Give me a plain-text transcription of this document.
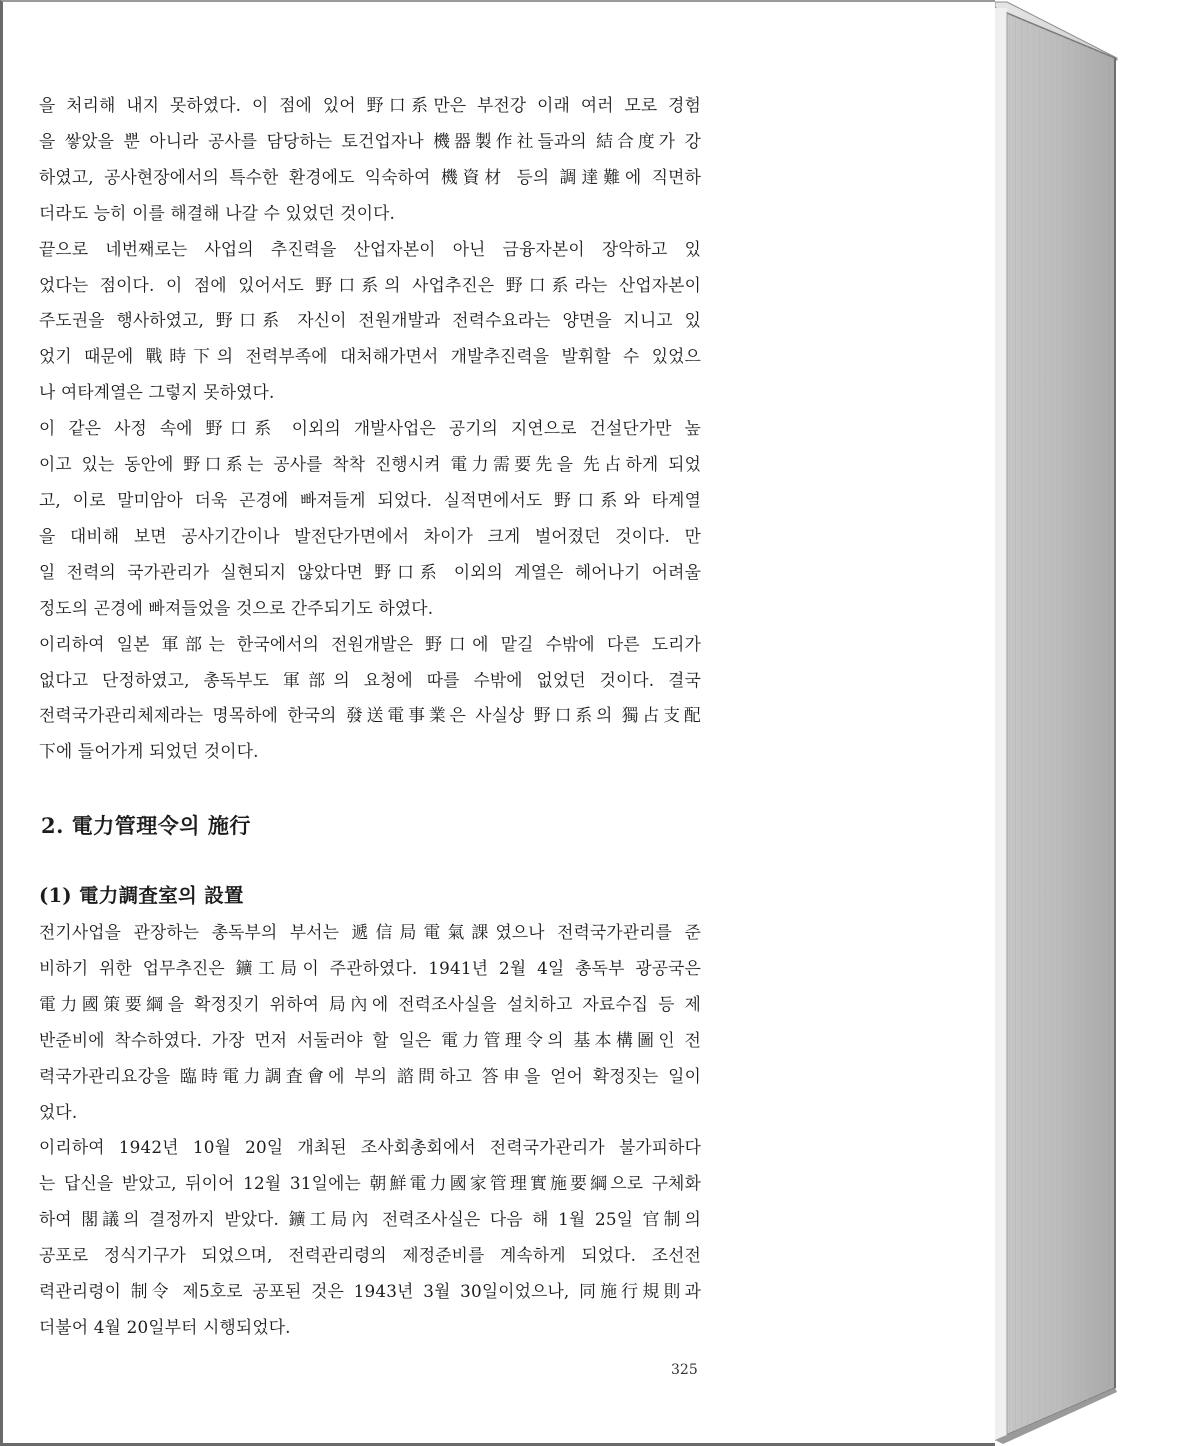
을 처리해 내지 못하였다. 이 점에 있어 野口系만은 부전강 이래 여러 모로 경험
을 쌓았을 뿐 아니라 공사를 담당하는 토건업자나 機器製作社들과의 結合度가 강
하였고, 공사현장에서의 특수한 환경에도 익숙하여 機資材 등의 調達難에 직면하
더라도 능히 이를 해결해 나갈 수 있었던 것이다.
끝으로 네번째로는 사업의 추진력을 산업자본이 아닌 금융자본이 장악하고 있
었다는 점이다. 이 점에 있어서도 野口系의 사업추진은 野口系라는 산업자본이
주도권을 행사하였고, 野口系 자신이 전원개발과 전력수요라는 양면을 지니고 있
었기 때문에 戰時下의 전력부족에 대처해가면서 개발추진력을 발휘할 수 있었으
나 여타계열은 그렇지 못하였다.
이 같은 사정 속에 野口系 이외의 개발사업은 공기의 지연으로 건설단가만 높
이고 있는 동안에 野口系는 공사를 착착 진행시켜 電力需要先을 先占하게 되었
고, 이로 말미암아 더욱 곤경에 빠져들게 되었다. 실적면에서도 野口系와 타계열
을 대비해 보면 공사기간이나 발전단가면에서 차이가 크게 벌어졌던 것이다. 만
일 전력의 국가관리가 실현되지 않았다면 野口系 이외의 계열은 헤어나기 어려울
정도의 곤경에 빠져들었을 것으로 간주되기도 하였다.
이리하여 일본 軍部는 한국에서의 전원개발은 野口에 맡길 수밖에 다른 도리가
없다고 단정하였고, 총독부도 軍部의 요청에 따를 수밖에 없었던 것이다. 결국
전력국가관리체제라는 명목하에 한국의 發送電事業은 사실상 野口系의 獨占支配
下에 들어가게 되었던 것이다.
2. 電力管理令의 施行
(1) 電力調査室의 設置
전기사업을 관장하는 총독부의 부서는 遞信局電氣課였으나 전력국가관리를 준
비하기 위한 업무추진은 鑛工局이 주관하였다. 1941년 2월 4일 총독부 광공국은
電力國策要綱을 확정짓기 위하여 局內에 전력조사실을 설치하고 자료수집 등 제
반준비에 착수하였다. 가장 먼저 서둘러야 할 일은 電力管理令의 基本構圖인 전
력국가관리요강을 臨時電力調査會에 부의 諮問하고 答申을 얻어 확정짓는 일이
었다.
이리하여 1942년 10월 20일 개최된 조사회총회에서 전력국가관리가 불가피하다
는 답신을 받았고, 뒤이어 12월 31일에는 朝鮮電力國家管理實施要綱으로 구체화
하여 閣議의 결정까지 받았다. 鑛工局內 전력조사실은 다음 해 1월 25일 官制의
공포로 정식기구가 되었으며, 전력관리령의 제정준비를 계속하게 되었다. 조선전
력관리령이 制令 제5호로 공포된 것은 1943년 3월 30일이었으나, 同施行規則과
더불어 4월 20일부터 시행되었다.
325
